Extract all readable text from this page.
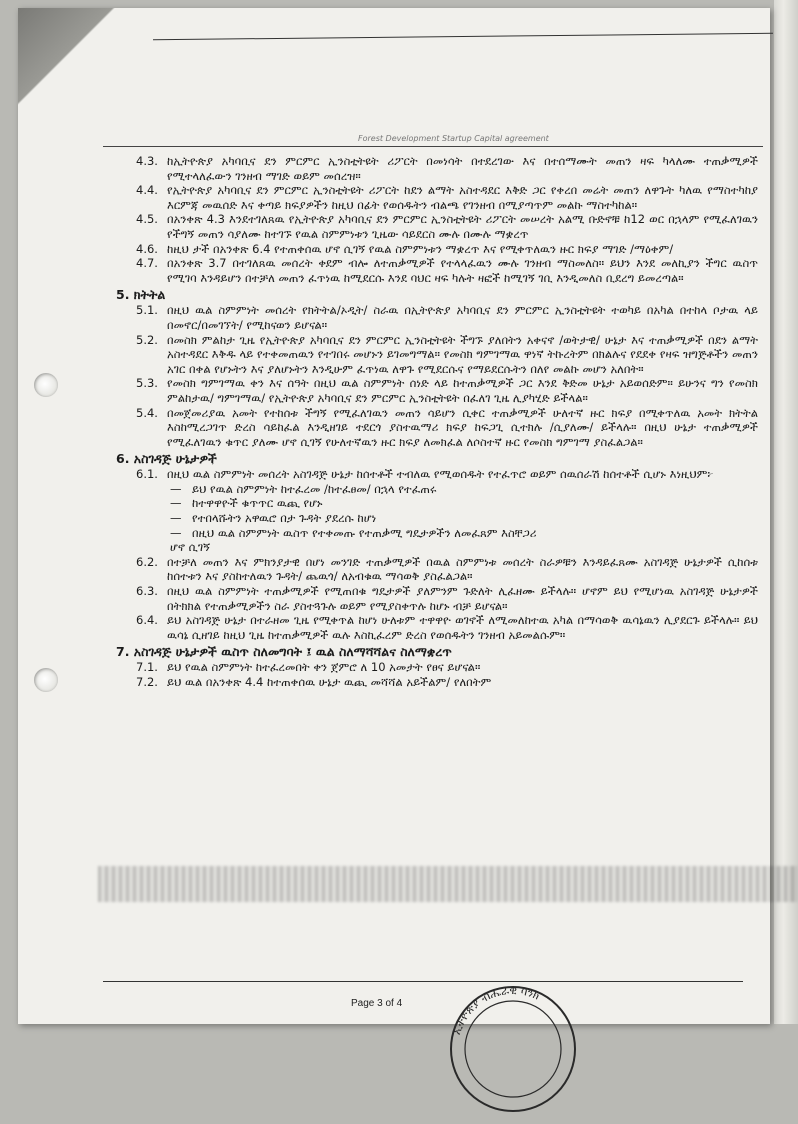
Forest Development Startup Capital agreement
4.3. ከኢትዮጵያ አካባቢና ደን ምርምር ኢንስቲትዩት ሪፖርት በመነሳት በተደረገው እና በተሰማሙት መጠን ዛፍ ካላለሙ ተጠቃሚዎች የሚተላለፈውን ገንዘብ ማገድ ወይም መሰረዝ።
4.4. የኢትዮጵያ አካባቢና ደን ምርምር ኢንስቲትዩት ሪፖርት ከደን ልማት አስተዳደር እቅድ ጋር የቀረበ መሬት መጠን ለዋጉት ካለዉ የማስተካከያ እርምጃ መዉሰድ እና ቀጣይ ክፍያዎችን ከዚህ በፊት የወሰዱትን ብልጫ የገንዘብ በሚያጣጥም መልኩ ማስተካከል።
4.5. በአንቀጽ 4.3 እንደተገለጸዉ የኢትዮጵያ አካባቢና ደን ምርምር ኢንስቲትዩት ሪፖርት መሠረት አልሚ ቡድኖቹ ከ12 ወር በኋላም የሚፈለገዉን የችግኝ መጠን ሳያለሙ ከተገኙ የዉል ስምምነቱን ጊዜው ሳይደርስ ሙሉ በሙሉ ማቋረጥ
4.6. ከዚህ ታች በአንቀጽ 6.4 የተጠቀሰዉ ሆኖ ሲገኝ የዉል ስምምነቱን ማቋረጥ እና የሚቀጥለዉን ዙር ክፍያ ማገድ /ማዕቀም/
4.7. በአንቀጽ 3.7 በተገለጸዉ መሰረት ቀደም ብሎ ለተጠቃሚዎች የተላላፈዉን ሙሉ ገንዘብ ማስመለስ። ይህን እንደ መለኪያን ችግር ዉስጥ የሚገባ እንዳይሆን በተቻለ መጠን ፈጥነዉ ከሚደርሱ እንደ ባህር ዛፍ ካሉት ዛፎች ከሚገኝ ገቢ እንዲመለስ ቢደረግ ይመረጣል።
5. ክትትል
5.1. በዚህ ዉል ስምምነት መሰረት የክትትል/ኦዲት/ ስራዉ በኢትዮጵያ አካባቢና ደን ምርምር ኢንስቲትዩት ተወካይ በአካል በተከላ ቦታዉ ላይ በመኖር/በመገኘት/ የሚከናወን ይሆናል።
5.2. በመስክ ምልከታ ጊዜ የኢትዮጵያ አካባቢና ደን ምርምር ኢንስቲትዩት ችግኙ ያለበትን አቀናኖ /ወትታዊ/ ሁኔታ እና ተጠቃሚዎች በደን ልማት አስተዳደር እቅዱ ላይ የተቀመጠዉን የተገበሩ መሆኑን ይገመግማል። የመስክ ግምገማዉ ዋነኛ ትኩረትም በክልሉና የደደቀ የዛፍ ዝግጅቶችን መጠን አገር በቀል የሆኑትን እና ያለሆኑትን እንዲሁም ፈጥነዉ ለዋጉ የሚደርሱና የማይደርሱትን በለየ መልኩ መሆን አለበት።
5.3. የመስክ ግምገማዉ ቀን እና ሰዓት በዚህ ዉል ስምምነት ሰነድ ላይ ከተጠቃሚዎች ጋር እንደ ቅድመ ሁኔታ አይወሰድም። ይሁንና ግን የመስክ ምልከታዉ/ ግምገማዉ/ የኢትዮጵያ አካባቢና ደን ምርምር ኢንስቲትዩት በፈለገ ጊዜ ሊያካሂድ ይችላል።
5.4. በመጀመሪያዉ አመት የተከሰቱ ችግኝ የሚፈለገዉን መጠን ሳይሆን ሲቀር ተጠቃሚዎች ሁለተኛ ዙር ክፍያ በሚቀጥለዉ አመት ክትትል እስከሚረጋገጥ ድረስ ሳይከፈል እንዲዘገይ ተደርጎ ያስተዉማሪ ክፍያ ከፍጋጊ ሲተክሉ /ሲያለሙ/ ይችላሉ። በዚህ ሁኔታ ተጠቃሚዎች የሚፈለገዉን ቁጥር ያለሙ ሆኖ ሲገኝ የሁለተኛዉን ዙር ክፍያ ለመክፈል ለሶስተኛ ዙር የመስክ ግምገማ ያስፈልጋል።
6. አስገዳጅ ሁኔታዎች
6.1. በዚህ ዉል ስምምነት መሰረት አስገዳጅ ሁኔታ ከሰተቶች ተብለዉ የሚወሰዱት የተፈጥሮ ወይም ሰዉሰራሽ ከሰተቶች ሲሆኑ እነዚህም፦
— ይህ የዉል ስምምነት ከተፈረመ /ከተፈፀመ/ በኋላ የተፈጠሩ
— ከተዋዋዮች ቁጥጥር ዉጪ የሆኑ
— የተበላሹትን አዋዉሮ በታ ጉዳት ያደረሱ ከሆነ
— በዚህ ዉል ስምምነት ዉስጥ የተቀመጡ የተጠቃሚ ግዴታዎችን ለመፈጸም እስቸጋሪ
ሆኖ ሲገኝ
6.2. በተቻለ መጠን እና ምክንያታዊ በሆነ መንገድ ተጠቃሚዎች በዉል ስምምነቱ መሰረት ስራዎቹን እንዳይፈጸሙ አስገዳጅ ሁኔታዎች ሲከሰቱ ከሰተቱን እና ያስከተለዉን ጉዳት/ ጨዉጎ/ ለአብቁዉ ማሳወቅ ያስፈልጋል።
6.3. በዚህ ዉል ስምምነት ተጠቃሚዎች የሚጠበቁ ግዴታዎች ያለምንም ጉድለት ሊፈዘሙ ይችላሉ። ሆኖም ይህ የሚሆነዉ አስገዳጅ ሁኔታዎች በትክክል የተጠቃሚዎችን ስራ ያስተጓጉሉ ወይም የሚያስቀጥሉ ከሆኑ ብቻ ይሆናል።
6.4. ይህ አስገዳጅ ሁኔታ በተራዘመ ጊዜ የሚቀጥል ከሆነ ሁለቱም ተዋዋዮ ወገኖች ለሚመለከተዉ አካል በማሳወቅ ዉሳኔዉን ሊያደርጉ ይችላሉ። ይህ ዉሳኔ ሲዘገይ ከዚህ ጊዜ ከተጠቃሚዎች ዉሉ እስኪፈረም ድረስ የወሰዱትን ገንዘብ አይመልሱም።
7. አስገዳጅ ሁኔታዎች ዉስጥ ስለመግባት ፤ ዉል ስለማሻሻልና ስለማቋረጥ
7.1. ይህ የዉል ስምምነት ከተፈረመበት ቀን ጀምሮ ለ 10 አመታት የፀና ይሆናል።
7.2. ይህ ዉል በአንቀጽ 4.4 ከተጠቀሰዉ ሁኔታ ዉጪ መሻሻል አይችልም/ የለበትም
Page 3 of 4
ኢትዮጵያ ብሔራዊ ባንክ
